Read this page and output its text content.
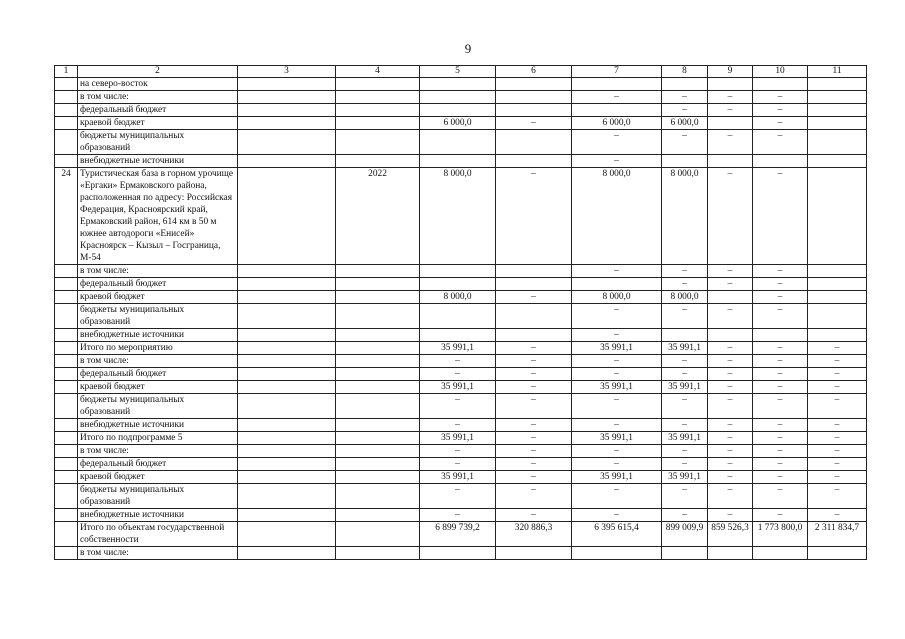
9
1	2	3	4	5	6	7	8	9	10	11
	на северо-восток									
	в том числе:					–	–	–	–	
	федеральный бюджет						–	–	–	
	краевой бюджет			6 000,0	–	6 000,0	6 000,0		–	
	бюджеты муниципальных образований					–	–	–	–	
	внебюджетные источники					–				
24	Туристическая база в горном урочище «Ергаки» Ермаковского района, расположенная по адресу: Российская Федерация, Красноярский край, Ермаковский район, 614 км в 50 м южнее автодороги «Енисей» Красноярск – Кызыл – Госграница, М-54		2022	8 000,0	–	8 000,0	8 000,0	–	–	
	в том числе:					–	–	–	–	
	федеральный бюджет						–	–	–	
	краевой бюджет			8 000,0	–	8 000,0	8 000,0		–	
	бюджеты муниципальных образований					–	–	–	–	
	внебюджетные источники					–				
	Итого по мероприятию			35 991,1	–	35 991,1	35 991,1	–	–	–
	в том числе:			–	–	–	–	–	–	–
	федеральный бюджет			–	–	–	–	–	–	–
	краевой бюджет			35 991,1	–	35 991,1	35 991,1	–	–	–
	бюджеты муниципальных образований			–	–	–	–	–	–	–
	внебюджетные источники			–	–	–	–	–	–	–
	Итого по подпрограмме 5			35 991,1	–	35 991,1	35 991,1	–	–	–
	в том числе:			–	–	–	–	–	–	–
	федеральный бюджет			–	–	–	–	–	–	–
	краевой бюджет			35 991,1	–	35 991,1	35 991,1	–	–	–
	бюджеты муниципальных образований			–	–	–	–	–	–	–
	внебюджетные источники			–	–	–	–	–	–	–
	Итого по объектам государственной собственности			6 899 739,2	320 886,3	6 395 615,4	899 009,9	859 526,3	1 773 800,0	2 311 834,7
	в том числе:									
